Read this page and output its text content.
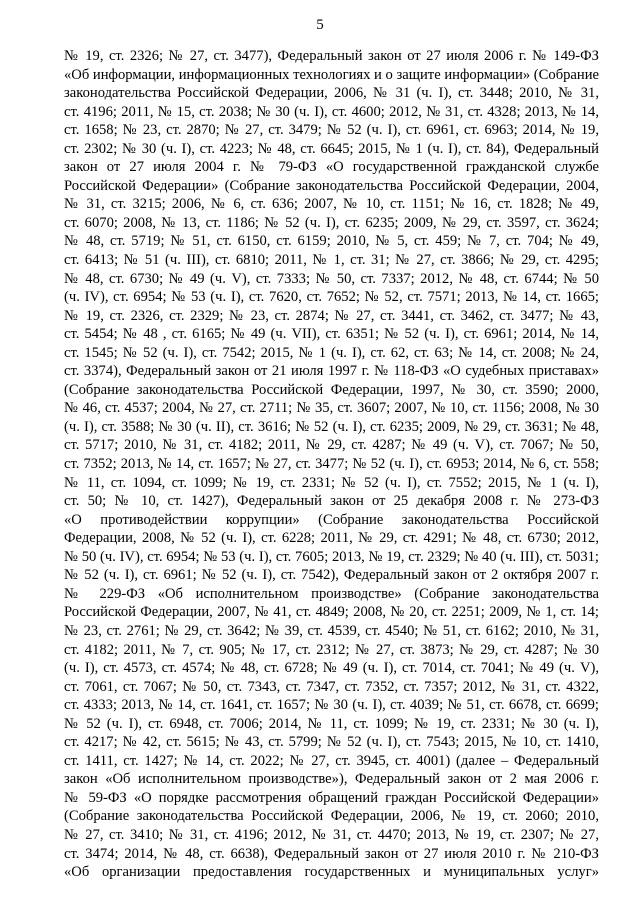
5
№ 19, ст. 2326; № 27, ст. 3477), Федеральный закон от 27 июля 2006 г. № 149-ФЗ
«Об информации, информационных технологиях и о защите информации» (Собрание
законодательства Российской Федерации, 2006, № 31 (ч. I), ст. 3448; 2010, № 31,
ст. 4196; 2011, № 15, ст. 2038; № 30 (ч. I), ст. 4600; 2012, № 31, ст. 4328; 2013, № 14,
ст. 1658; № 23, ст. 2870; № 27, ст. 3479; № 52 (ч. I), ст. 6961, ст. 6963; 2014, № 19,
ст. 2302; № 30 (ч. I), ст. 4223; № 48, ст. 6645; 2015, № 1 (ч. I), ст. 84), Федеральный
закон от 27 июля 2004 г. № 79-ФЗ «О государственной гражданской службе
Российской Федерации» (Собрание законодательства Российской Федерации, 2004,
№ 31, ст. 3215; 2006, № 6, ст. 636; 2007, № 10, ст. 1151; № 16, ст. 1828; № 49,
ст. 6070; 2008, № 13, ст. 1186; № 52 (ч. I), ст. 6235; 2009, № 29, ст. 3597, ст. 3624;
№ 48, ст. 5719; № 51, ст. 6150, ст. 6159; 2010, № 5, ст. 459; № 7, ст. 704; № 49,
ст. 6413; № 51 (ч. III), ст. 6810; 2011, № 1, ст. 31; № 27, ст. 3866; № 29, ст. 4295;
№ 48, ст. 6730; № 49 (ч. V), ст. 7333; № 50, ст. 7337; 2012, № 48, ст. 6744; № 50
(ч. IV), ст. 6954; № 53 (ч. I), ст. 7620, ст. 7652; № 52, ст. 7571; 2013, № 14, ст. 1665;
№ 19, ст. 2326, ст. 2329; № 23, ст. 2874; № 27, ст. 3441, ст. 3462, ст. 3477; № 43,
ст. 5454; № 48 , ст. 6165; № 49 (ч. VII), ст. 6351; № 52 (ч. I), ст. 6961; 2014, № 14,
ст. 1545; № 52 (ч. I), ст. 7542; 2015, № 1 (ч. I), ст. 62, ст. 63; № 14, ст. 2008; № 24,
ст. 3374), Федеральный закон от 21 июля 1997 г. № 118-ФЗ «О судебных приставах»
(Собрание законодательства Российской Федерации, 1997, № 30, ст. 3590; 2000,
№ 46, ст. 4537; 2004, № 27, ст. 2711; № 35, ст. 3607; 2007, № 10, ст. 1156; 2008, № 30
(ч. I), ст. 3588; № 30 (ч. II), ст. 3616; № 52 (ч. I), ст. 6235; 2009, № 29, ст. 3631; № 48,
ст. 5717; 2010, № 31, ст. 4182; 2011, № 29, ст. 4287; № 49 (ч. V), ст. 7067; № 50,
ст. 7352; 2013, № 14, ст. 1657; № 27, ст. 3477; № 52 (ч. I), ст. 6953; 2014, № 6, ст. 558;
№ 11, ст. 1094, ст. 1099; № 19, ст. 2331; № 52 (ч. I), ст. 7552; 2015, № 1 (ч. I),
ст. 50; № 10, ст. 1427), Федеральный закон от 25 декабря 2008 г. № 273-ФЗ
«О противодействии коррупции» (Собрание законодательства Российской
Федерации, 2008, № 52 (ч. I), ст. 6228; 2011, № 29, ст. 4291; № 48, ст. 6730; 2012,
№ 50 (ч. IV), ст. 6954; № 53 (ч. I), ст. 7605; 2013, № 19, ст. 2329; № 40 (ч. III), ст. 5031;
№ 52 (ч. I), ст. 6961; № 52 (ч. I), ст. 7542), Федеральный закон от 2 октября 2007 г.
№ 229-ФЗ «Об исполнительном производстве» (Собрание законодательства
Российской Федерации, 2007, № 41, ст. 4849; 2008, № 20, ст. 2251; 2009, № 1, ст. 14;
№ 23, ст. 2761; № 29, ст. 3642; № 39, ст. 4539, ст. 4540; № 51, ст. 6162; 2010, № 31,
ст. 4182; 2011, № 7, ст. 905; № 17, ст. 2312; № 27, ст. 3873; № 29, ст. 4287; № 30
(ч. I), ст. 4573, ст. 4574; № 48, ст. 6728; № 49 (ч. I), ст. 7014, ст. 7041; № 49 (ч. V),
ст. 7061, ст. 7067; № 50, ст. 7343, ст. 7347, ст. 7352, ст. 7357; 2012, № 31, ст. 4322,
ст. 4333; 2013, № 14, ст. 1641, ст. 1657; № 30 (ч. I), ст. 4039; № 51, ст. 6678, ст. 6699;
№ 52 (ч. I), ст. 6948, ст. 7006; 2014, № 11, ст. 1099; № 19, ст. 2331; № 30 (ч. I),
ст. 4217; № 42, ст. 5615; № 43, ст. 5799; № 52 (ч. I), ст. 7543; 2015, № 10, ст. 1410,
ст. 1411, ст. 1427; № 14, ст. 2022; № 27, ст. 3945, ст. 4001) (далее – Федеральный
закон «Об исполнительном производстве»), Федеральный закон от 2 мая 2006 г.
№ 59-ФЗ «О порядке рассмотрения обращений граждан Российской Федерации»
(Собрание законодательства Российской Федерации, 2006, № 19, ст. 2060; 2010,
№ 27, ст. 3410; № 31, ст. 4196; 2012, № 31, ст. 4470; 2013, № 19, ст. 2307; № 27,
ст. 3474; 2014, № 48, ст. 6638), Федеральный закон от 27 июля 2010 г. № 210-ФЗ
«Об организации предоставления государственных и муниципальных услуг»
